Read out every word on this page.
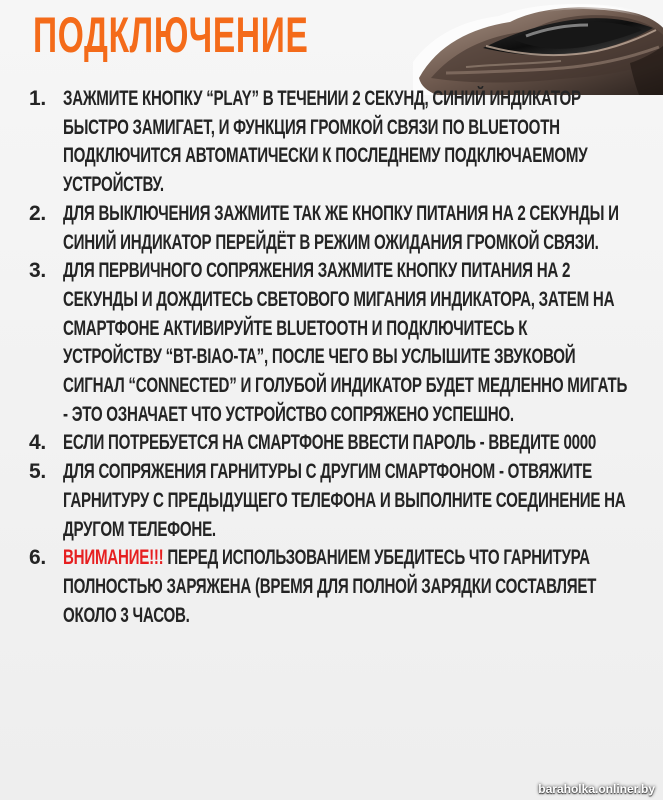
ПОДКЛЮЧЕНИЕ
1. ЗАЖМИТЕ КНОПКУ “PLAY” В ТЕЧЕНИИ 2 СЕКУНД, СИНИЙ ИНДИКАТОР БЫСТРО ЗАМИГАЕТ, И ФУНКЦИЯ ГРОМКОЙ СВЯЗИ ПО BLUETOOTH ПОДКЛЮЧИТСЯ АВТОМАТИЧЕСКИ К ПОСЛЕДНЕМУ ПОДКЛЮЧАЕМОМУ УСТРОЙСТВУ.
2. ДЛЯ ВЫКЛЮЧЕНИЯ ЗАЖМИТЕ ТАК ЖЕ КНОПКУ ПИТАНИЯ НА 2 СЕКУНДЫ И СИНИЙ ИНДИКАТОР ПЕРЕЙДЁТ В РЕЖИМ ОЖИДАНИЯ ГРОМКОЙ СВЯЗИ.
3. ДЛЯ ПЕРВИЧНОГО СОПРЯЖЕНИЯ ЗАЖМИТЕ КНОПКУ ПИТАНИЯ НА 2 СЕКУНДЫ И ДОЖДИТЕСЬ СВЕТОВОГО МИГАНИЯ ИНДИКАТОРА, ЗАТЕМ НА СМАРТФОНЕ АКТИВИРУЙТЕ BLUETOOTH И ПОДКЛЮЧИТЕСЬ К УСТРОЙСТВУ “BT-BIAO-TA”, ПОСЛЕ ЧЕГО ВЫ УСЛЫШИТЕ ЗВУКОВОЙ СИГНАЛ “CONNECTED” И ГОЛУБОЙ ИНДИКАТОР БУДЕТ МЕДЛЕННО МИГАТЬ - ЭТО ОЗНАЧАЕТ ЧТО УСТРОЙСТВО СОПРЯЖЕНО УСПЕШНО.
4. ЕСЛИ ПОТРЕБУЕТСЯ НА СМАРТФОНЕ ВВЕСТИ ПАРОЛЬ - ВВЕДИТЕ 0000
5. ДЛЯ СОПРЯЖЕНИЯ ГАРНИТУРЫ С ДРУГИМ СМАРТФОНОМ - ОТВЯЖИТЕ ГАРНИТУРУ С ПРЕДЫДУЩЕГО ТЕЛЕФОНА И ВЫПОЛНИТЕ СОЕДИНЕНИЕ НА ДРУГОМ ТЕЛЕФОНЕ.
6. ВНИМАНИЕ!!! ПЕРЕД ИСПОЛЬЗОВАНИЕМ УБЕДИТЕСЬ ЧТО ГАРНИТУРА ПОЛНОСТЬЮ ЗАРЯЖЕНА (ВРЕМЯ ДЛЯ ПОЛНОЙ ЗАРЯДКИ СОСТАВЛЯЕТ ОКОЛО 3 ЧАСОВ.
baraholka.onliner.by
